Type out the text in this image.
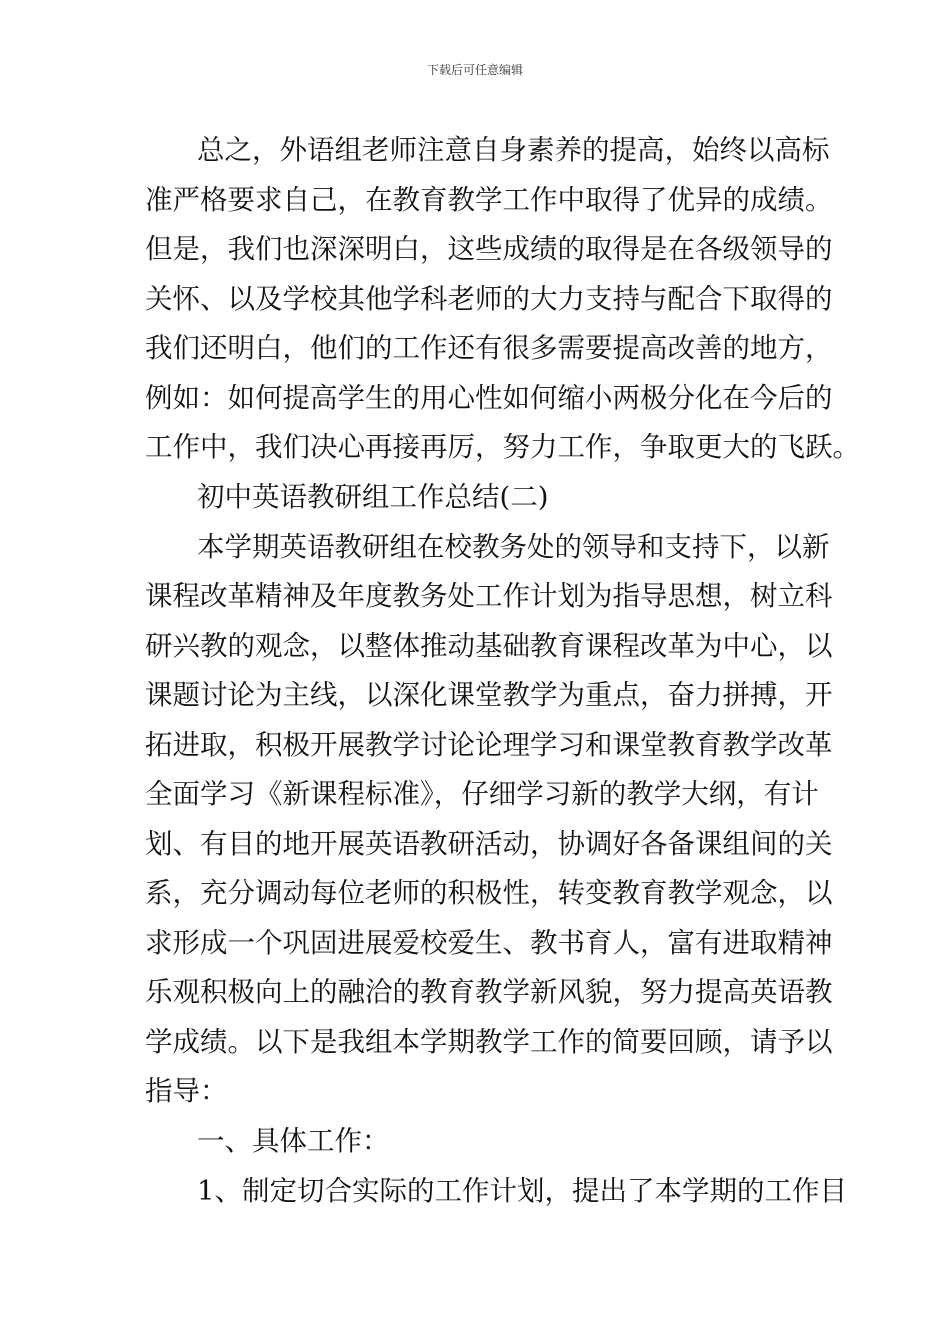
下载后可任意编辑
总之，外语组老师注意自身素养的提高，始终以高标
准严格要求自己，在教育教学工作中取得了优异的成绩。
但是，我们也深深明白，这些成绩的取得是在各级领导的
关怀、以及学校其他学科老师的大力支持与配合下取得的
我们还明白，他们的工作还有很多需要提高改善的地方，
例如：如何提高学生的用心性如何缩小两极分化在今后的
工作中，我们决心再接再厉，努力工作，争取更大的飞跃。
初中英语教研组工作总结(二)
本学期英语教研组在校教务处的领导和支持下，以新
课程改革精神及年度教务处工作计划为指导思想，树立科
研兴教的观念，以整体推动基础教育课程改革为中心，以
课题讨论为主线，以深化课堂教学为重点，奋力拼搏，开
拓进取，积极开展教学讨论论理学习和课堂教育教学改革
全面学习《新课程标准》，仔细学习新的教学大纲，有计
划、有目的地开展英语教研活动，协调好各备课组间的关
系，充分调动每位老师的积极性，转变教育教学观念，以
求形成一个巩固进展爱校爱生、教书育人，富有进取精神
乐观积极向上的融洽的教育教学新风貌，努力提高英语教
学成绩。以下是我组本学期教学工作的简要回顾，请予以
指导：
一、具体工作：
1、制定切合实际的工作计划，提出了本学期的工作目
